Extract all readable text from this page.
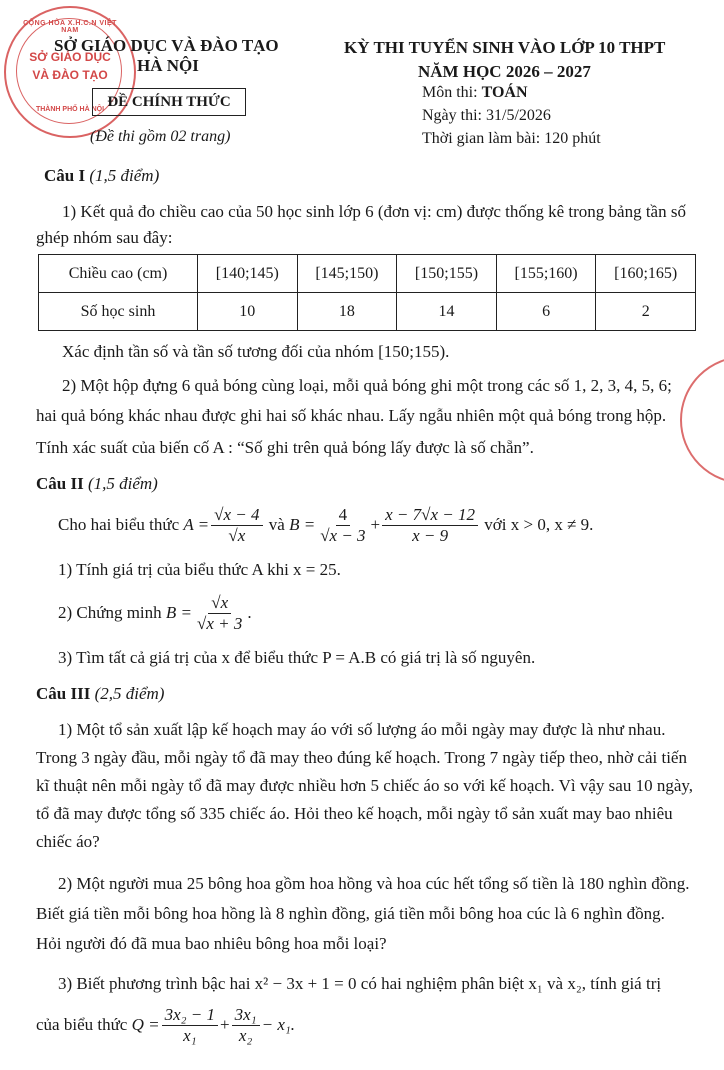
CỘNG HÒA X.H.C.N VIỆT NAM
SỞ GIÁO DỤC
VÀ ĐÀO TẠO
THÀNH PHỐ HÀ NỘI
SỞ GIÁO DỤC VÀ ĐÀO TẠO
HÀ NỘI
ĐỀ CHÍNH THỨC
(Đề thi gồm 02 trang)
KỲ THI TUYỂN SINH VÀO LỚP 10 THPT
NĂM HỌC 2026 – 2027
Môn thi: TOÁN
Ngày thi: 31/5/2026
Thời gian làm bài: 120 phút
Câu I (1,5 điểm)
1) Kết quả đo chiều cao của 50 học sinh lớp 6 (đơn vị: cm) được thống kê trong bảng tần số
ghép nhóm sau đây:
Chiều cao (cm)	[140;145)	[145;150)	[150;155)	[155;160)	[160;165)
Số học sinh	10	18	14	6	2
Xác định tần số và tần số tương đối của nhóm [150;155).
2) Một hộp đựng 6 quả bóng cùng loại, mỗi quả bóng ghi một trong các số 1, 2, 3, 4, 5, 6;
hai quả bóng khác nhau được ghi hai số khác nhau. Lấy ngẫu nhiên một quả bóng trong hộp.
Tính xác suất của biến cố A : “Số ghi trên quả bóng lấy được là số chẵn”.
Câu II (1,5 điểm)
Cho hai biểu thức
$A = \frac{√x - 4}{√x}$
và
$B = \frac{4}{√x - 3} + \frac{x - 7√x - 12}{x - 9}$
với x > 0, x ≠ 9.
1) Tính giá trị của biểu thức A khi x = 25.
2) Chứng minh
$B = \frac{√x}{√x + 3}$ .
3) Tìm tất cả giá trị của x để biểu thức P = A.B có giá trị là số nguyên.
Câu III (2,5 điểm)
1) Một tổ sản xuất lập kế hoạch may áo với số lượng áo mỗi ngày may được là như nhau.
Trong 3 ngày đầu, mỗi ngày tổ đã may theo đúng kế hoạch. Trong 7 ngày tiếp theo, nhờ cải tiến
kĩ thuật nên mỗi ngày tổ đã may được nhiều hơn 5 chiếc áo so với kế hoạch. Vì vậy sau 10 ngày,
tổ đã may được tổng số 335 chiếc áo. Hỏi theo kế hoạch, mỗi ngày tổ sản xuất may bao nhiêu
chiếc áo?
2) Một người mua 25 bông hoa gồm hoa hồng và hoa cúc hết tổng số tiền là 180 nghìn đồng.
Biết giá tiền mỗi bông hoa hồng là 8 nghìn đồng, giá tiền mỗi bông hoa cúc là 6 nghìn đồng.
Hỏi người đó đã mua bao nhiêu bông hoa mỗi loại?
3) Biết phương trình bậc hai x² − 3x + 1 = 0 có hai nghiệm phân biệt x₁ và x₂, tính giá trị
của biểu thức
$Q = \frac{\text{3x₂ − 1}}{\text{x₁}} + \frac{\text{3x₁}}{\text{x₂}} - x_1$.
